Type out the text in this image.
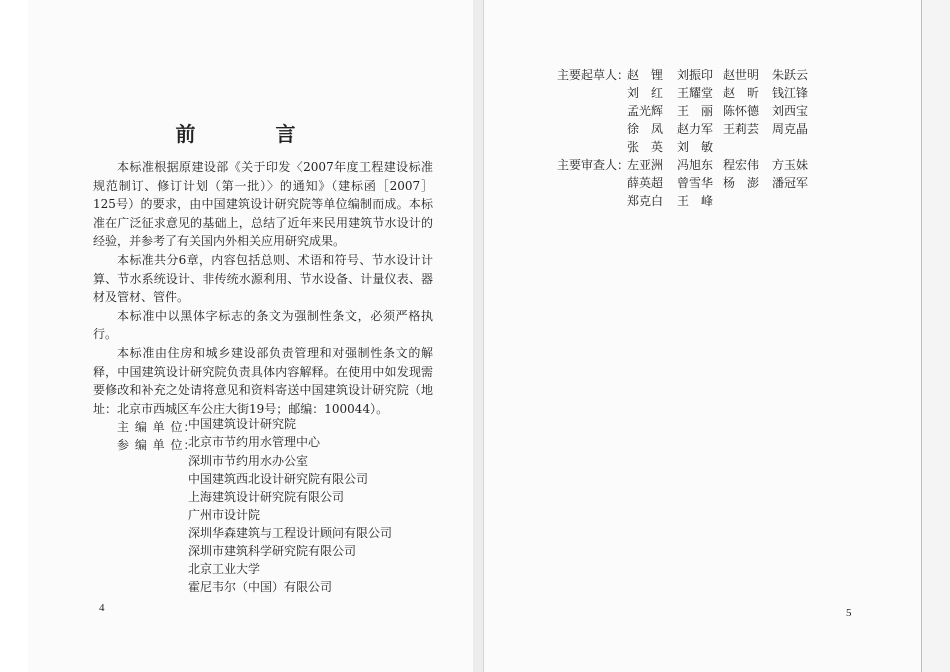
前　言

本标准根据原建设部《关于印发〈2007年度工程建设标准规范制订、修订计划（第一批）〉的通知》（建标函［2007］125号）的要求，由中国建筑设计研究院等单位编制而成。本标准在广泛征求意见的基础上，总结了近年来民用建筑节水设计的经验，并参考了有关国内外相关应用研究成果。

本标准共分6章，内容包括总则、术语和符号、节水设计计算、节水系统设计、非传统水源利用、节水设备、计量仪表、器材及管材、管件。

本标准中以黑体字标志的条文为强制性条文，必须严格执行。

本标准由住房和城乡建设部负责管理和对强制性条文的解释，中国建筑设计研究院负责具体内容解释。在使用中如发现需要修改和补充之处请将意见和资料寄送中国建筑设计研究院（地址：北京市西城区车公庄大街19号；邮编：100044）。

主 编 单 位：
中国建筑设计研究院
参 编 单 位：
北京市节约用水管理中心
深圳市节约用水办公室
中国建筑西北设计研究院有限公司
上海建筑设计研究院有限公司
广州市设计院
深圳华森建筑与工程设计顾问有限公司
深圳市建筑科学研究院有限公司
北京工业大学
霍尼韦尔（中国）有限公司
4
主要起草人：
赵　锂 刘振印 赵世明 朱跃云
刘　红 王耀堂 赵　昕 钱江锋
孟光辉 王　丽 陈怀德 刘西宝
徐　凤 赵力军 王莉芸 周克晶
张　英 刘　敏
主要审查人：
左亚洲 冯旭东 程宏伟 方玉妹
薛英超 曾雪华 杨　澎 潘冠军
郑克白 王　峰
5
